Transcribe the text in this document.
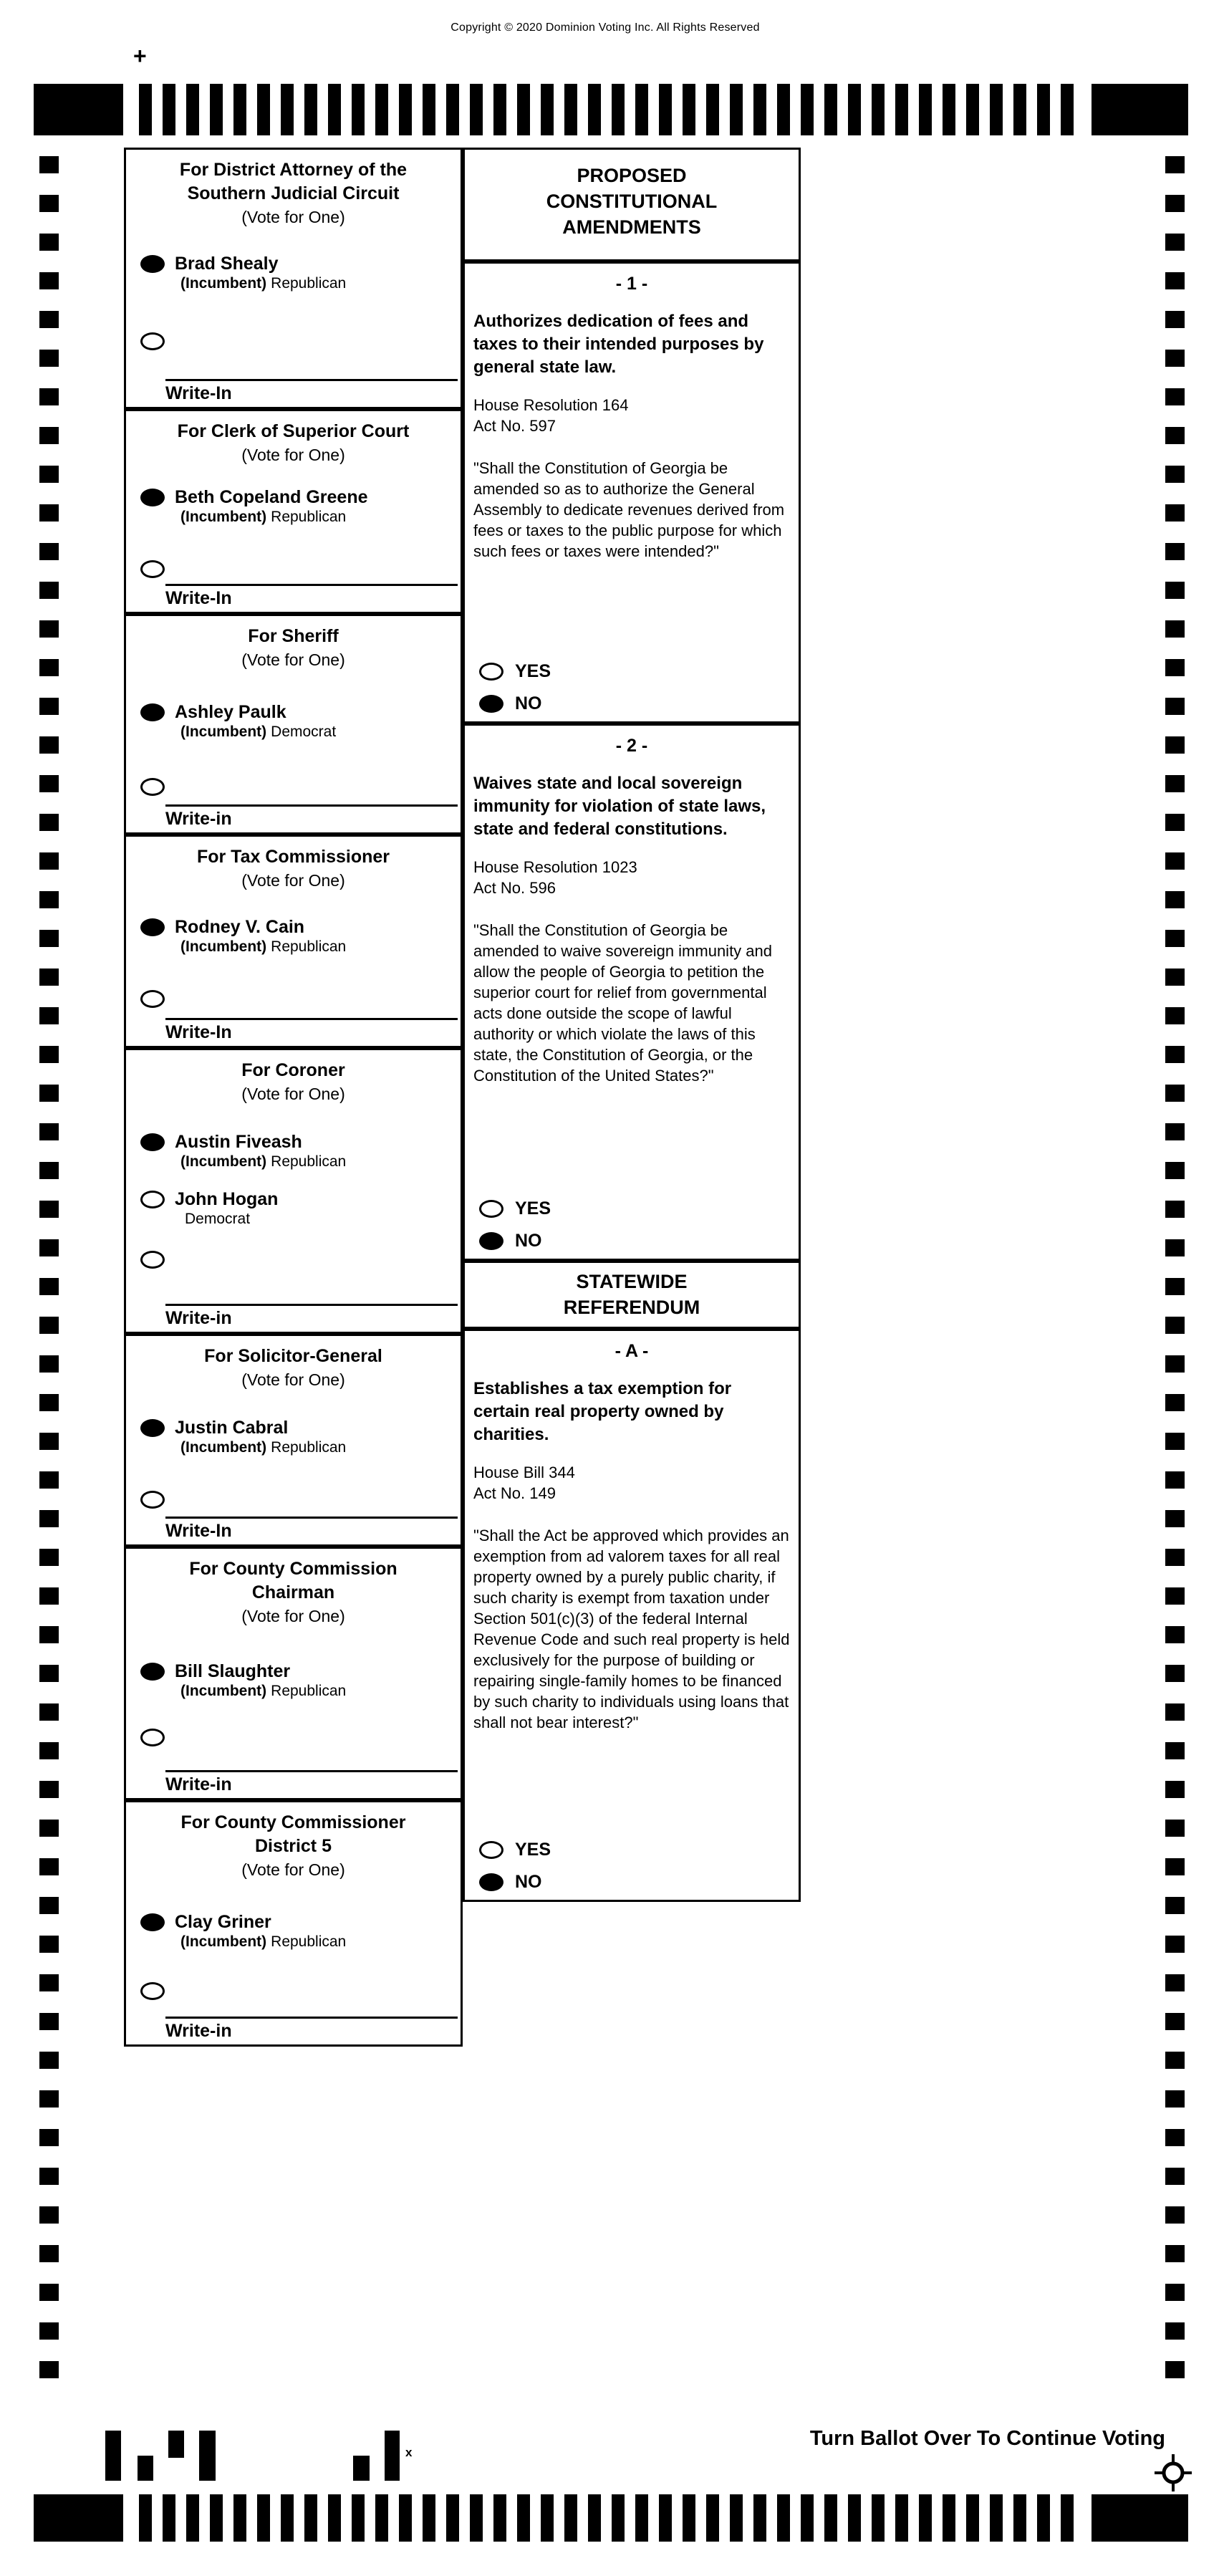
Copyright © 2020 Dominion Voting Inc. All Rights Reserved
+
For District Attorney of the
Southern Judicial Circuit
(Vote for One)
Brad Shealy
(Incumbent) Republican
Write-In
For Clerk of Superior Court
(Vote for One)
Beth Copeland Greene
(Incumbent) Republican
Write-In
For Sheriff
(Vote for One)
Ashley Paulk
(Incumbent) Democrat
Write-in
For Tax Commissioner
(Vote for One)
Rodney V. Cain
(Incumbent) Republican
Write-In
For Coroner
(Vote for One)
Austin Fiveash
(Incumbent) Republican
John Hogan
Democrat
Write-in
For Solicitor-General
(Vote for One)
Justin Cabral
(Incumbent) Republican
Write-In
For County Commission
Chairman
(Vote for One)
Bill Slaughter
(Incumbent) Republican
Write-in
For County Commissioner
District 5
(Vote for One)
Clay Griner
(Incumbent) Republican
Write-in
PROPOSED
CONSTITUTIONAL
AMENDMENTS
- 1 -
Authorizes dedication of fees and taxes to their intended purposes by general state law.
House Resolution 164
Act No. 597
"Shall the Constitution of Georgia be amended so as to authorize the General Assembly to dedicate revenues derived from fees or taxes to the public purpose for which such fees or taxes were intended?"
YES
NO
- 2 -
Waives state and local sovereign immunity for violation of state laws, state and federal constitutions.
House Resolution 1023
Act No. 596
"Shall the Constitution of Georgia be amended to waive sovereign immunity and allow the people of Georgia to petition the superior court for relief from governmental acts done outside the scope of lawful authority or which violate the laws of this state, the Constitution of Georgia, or the Constitution of the United States?"
YES
NO
STATEWIDE
REFERENDUM
- A -
Establishes a tax exemption for certain real property owned by charities.
House Bill 344
Act No. 149
"Shall the Act be approved which provides an exemption from ad valorem taxes for all real property owned by a purely public charity, if such charity is exempt from taxation under Section 501(c)(3) of the federal Internal Revenue Code and such real property is held exclusively for the purpose of building or repairing single-family homes to be financed by such charity to individuals using loans that shall not bear interest?"
YES
NO
x
Turn Ballot Over To Continue Voting
